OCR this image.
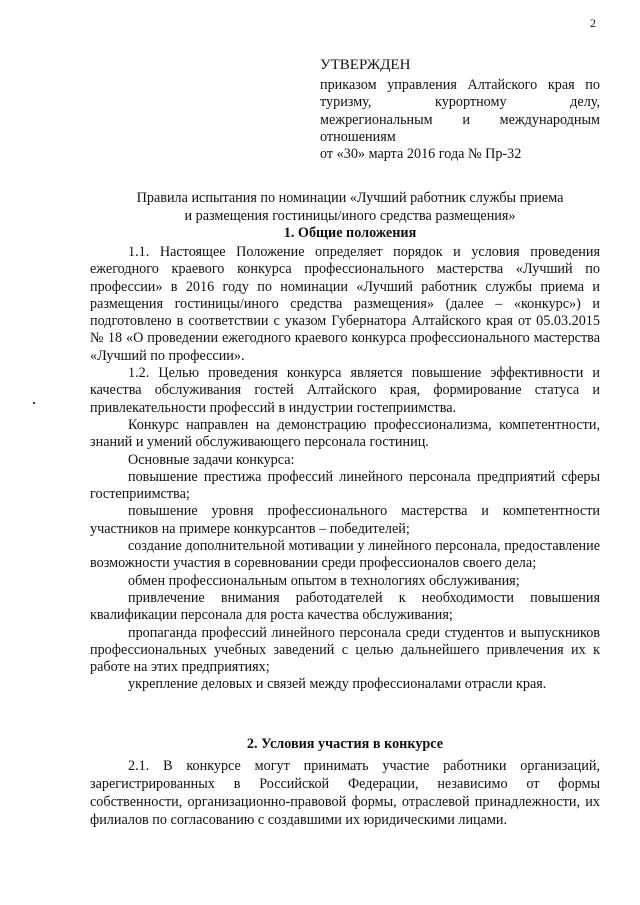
2
УТВЕРЖДЕН
приказом управления Алтайского края по
туризму, курортному делу,
межрегиональным и международным
отношениям
от «30» марта 2016 года № Пр-32
Правила испытания по номинации «Лучший работник службы приема
и размещения гостиницы/иного средства размещения»
1. Общие положения

1.1. Настоящее Положение определяет порядок и условия проведения ежегодного краевого конкурса профессионального мастерства «Лучший по профессии» в 2016 году по номинации «Лучший работник службы приема и размещения гостиницы/иного средства размещения» (далее – «конкурс») и подготовлено в соответствии с указом Губернатора Алтайского края от 05.03.2015 № 18 «О проведении ежегодного краевого конкурса профессионального мастерства «Лучший по профессии».

1.2. Целью проведения конкурса является повышение эффективности и качества обслуживания гостей Алтайского края, формирование статуса и привлекательности профессий в индустрии гостеприимства.

Конкурс направлен на демонстрацию профессионализма, компетентности, знаний и умений обслуживающего персонала гостиниц.

Основные задачи конкурса:

повышение престижа профессий линейного персонала предприятий сферы гостеприимства;

повышение уровня профессионального мастерства и компетентности участников на примере конкурсантов – победителей;

создание дополнительной мотивации у линейного персонала, предоставление возможности участия в соревновании среди профессионалов своего дела;

обмен профессиональным опытом в технологиях обслуживания;

привлечение внимания работодателей к необходимости повышения квалификации персонала для роста качества обслуживания;

пропаганда профессий линейного персонала среди студентов и выпускников профессиональных учебных заведений с целью дальнейшего привлечения их к работе на этих предприятиях;

укрепление деловых и связей между профессионалами отрасли края.

2. Условия участия в конкурсе

2.1. В конкурсе могут принимать участие работники организаций, зарегистрированных в Российской Федерации, независимо от формы собственности, организационно-правовой формы, отраслевой принадлежности, их филиалов по согласованию с создавшими их юридическими лицами.
